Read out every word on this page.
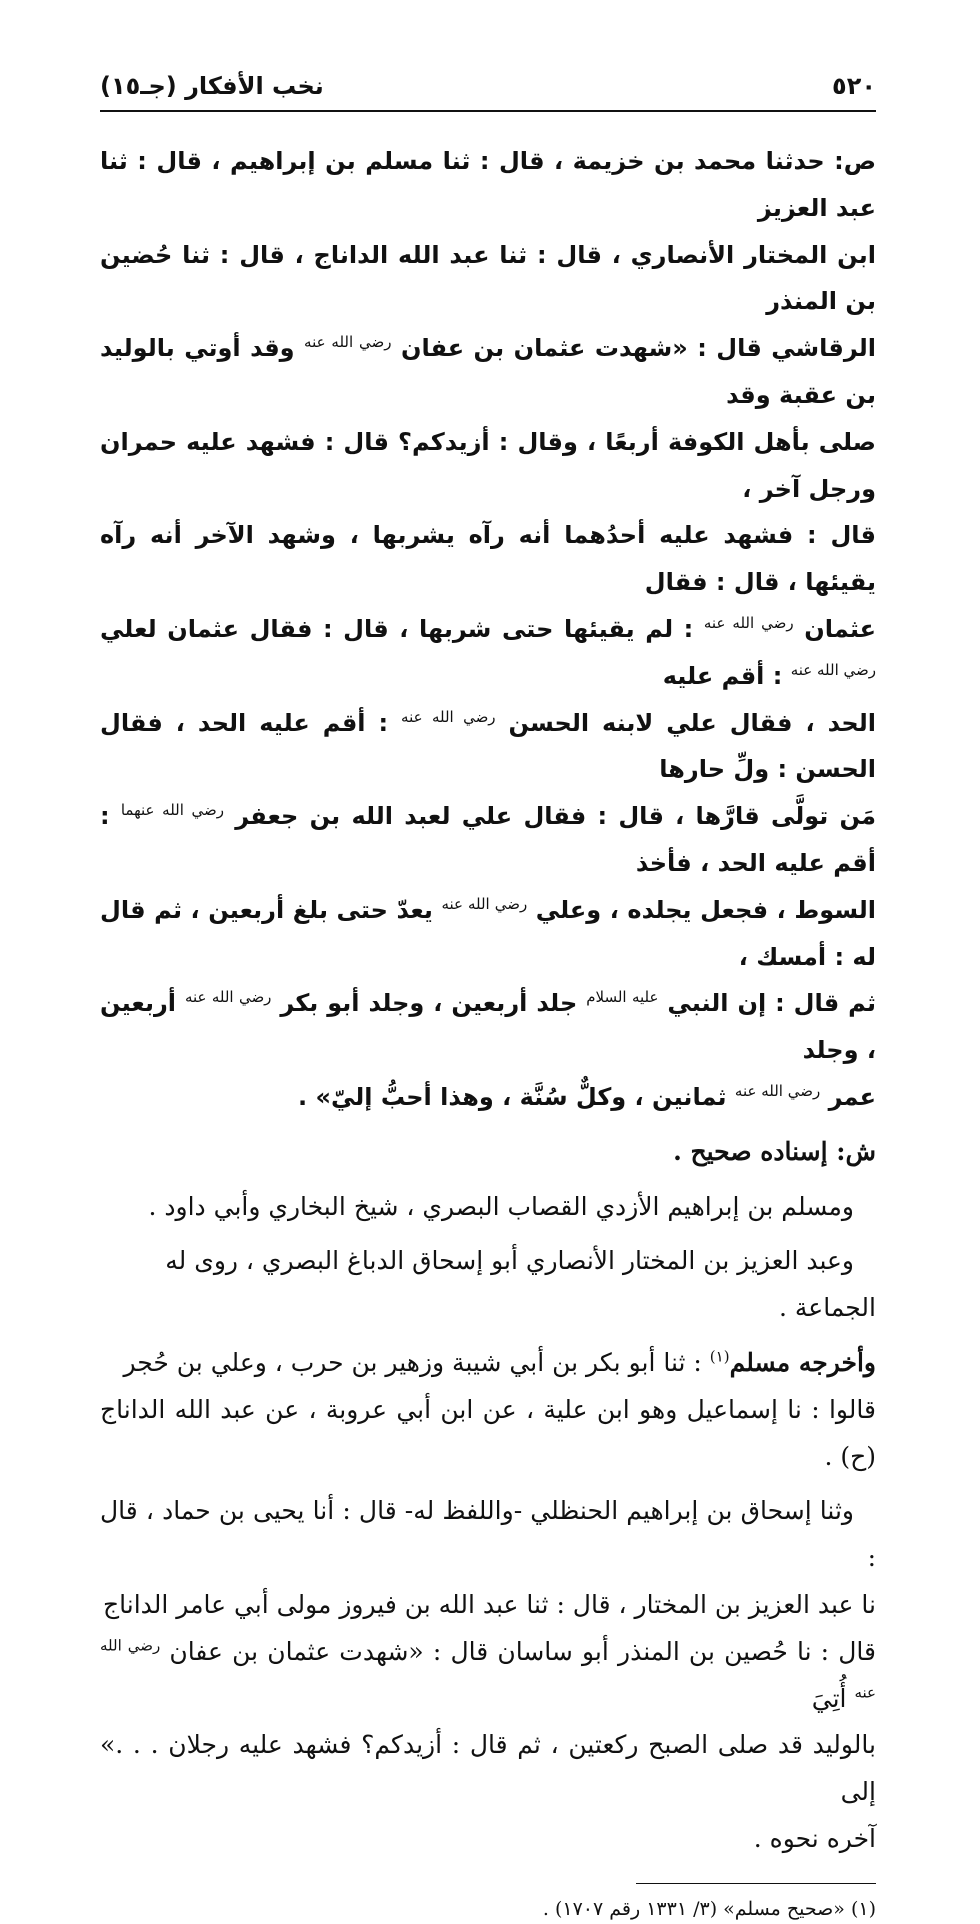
٥٢٠
نخب الأفكار (جـ١٥)

ص: حدثنا محمد بن خزيمة ، قال : ثنا مسلم بن إبراهيم ، قال : ثنا عبد العزيز

ابن المختار الأنصاري ، قال : ثنا عبد الله الداناج ، قال : ثنا حُضين بن المنذر

الرقاشي قال : «شهدت عثمان بن عفان $^{رضي الله عنه}$ وقد أوتي بالوليد بن عقبة وقد

صلى بأهل الكوفة أربعًا ، وقال : أزيدكم؟ قال : فشهد عليه حمران ورجل آخر ،

قال : فشهد عليه أحدُهما أنه رآه يشربها ، وشهد الآخر أنه رآه يقيئها ، قال : فقال

عثمان $^{رضي الله عنه}$ : لم يقيئها حتى شربها ، قال : فقال عثمان لعلي $^{رضي الله عنه}$ : أقم عليه

الحد ، فقال علي لابنه الحسن $^{رضي الله عنه}$ : أقم عليه الحد ، فقال الحسن : ولِّ حارها

مَن تولَّى قارَّها ، قال : فقال علي لعبد الله بن جعفر $^{رضي الله عنهما}$ : أقم عليه الحد ، فأخذ

السوط ، فجعل يجلده ، وعلي $^{رضي الله عنه}$ يعدّ حتى بلغ أربعين ، ثم قال له : أمسك ،

ثم قال : إن النبي $^{عليه السلام}$ جلد أربعين ، وجلد أبو بكر $^{رضي الله عنه}$ أربعين ، وجلد

عمر $^{رضي الله عنه}$ ثمانين ، وكلٌّ سُنَّة ، وهذا أحبُّ إليّ» .

ش: إسناده صحيح .

ومسلم بن إبراهيم الأزدي القصاب البصري ، شيخ البخاري وأبي داود .

وعبد العزيز بن المختار الأنصاري أبو إسحاق الدباغ البصري ، روى له

الجماعة .

وأخرجه مسلم$^{(١)}$ : ثنا أبو بكر بن أبي شيبة وزهير بن حرب ، وعلي بن حُجر

قالوا : نا إسماعيل وهو ابن علية ، عن ابن أبي عروبة ، عن عبد الله الداناج (ح) .

وثنا إسحاق بن إبراهيم الحنظلي -واللفظ له- قال : أنا يحيى بن حماد ، قال :

نا عبد العزيز بن المختار ، قال : ثنا عبد الله بن فيروز مولى أبي عامر الداناج

قال : نا حُصين بن المنذر أبو ساسان قال : «شهدت عثمان بن عفان $^{رضي الله عنه}$ أُتِيَ

بالوليد قد صلى الصبح ركعتين ، ثم قال : أزيدكم؟ فشهد عليه رجلان . . .» إلى

آخره نحوه .

(١) «صحيح مسلم» (٣/ ١٣٣١ رقم ١٧٠٧) .
